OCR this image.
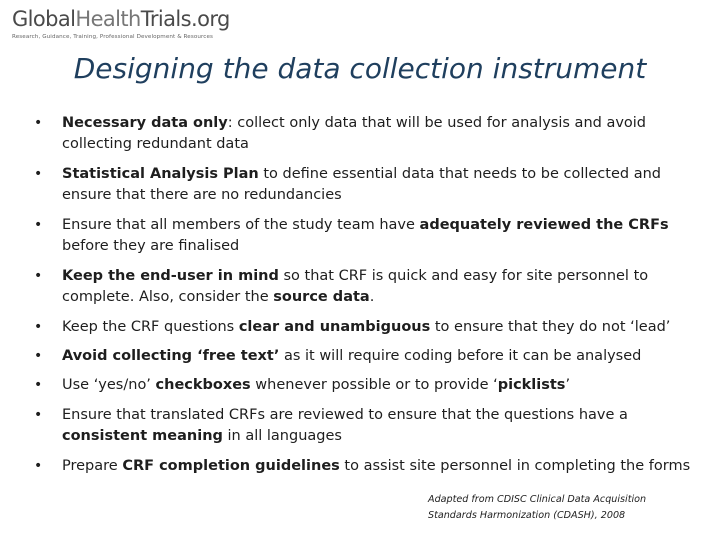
GlobalHealthTrials.org
Research, Guidance, Training, Professional Development & Resources
Designing the data collection instrument
• Necessary data only: collect only data that will be used for analysis and avoid collecting redundant data
• Statistical Analysis Plan to define essential data that needs to be collected and ensure that there are no redundancies
• Ensure that all members of the study team have adequately reviewed the CRFs before they are finalised
• Keep the end-user in mind so that CRF is quick and easy for site personnel to complete. Also, consider the source data.
• Keep the CRF questions clear and unambiguous to ensure that they do not ‘lead’
• Avoid collecting ‘free text’ as it will require coding before it can be analysed
• Use ‘yes/no’ checkboxes whenever possible or to provide ‘picklists’
• Ensure that translated CRFs are reviewed to ensure that the questions have a consistent meaning in all languages
• Prepare CRF completion guidelines to assist site personnel in completing the forms
Adapted from CDISC Clinical Data Acquisition
Standards Harmonization (CDASH), 2008
